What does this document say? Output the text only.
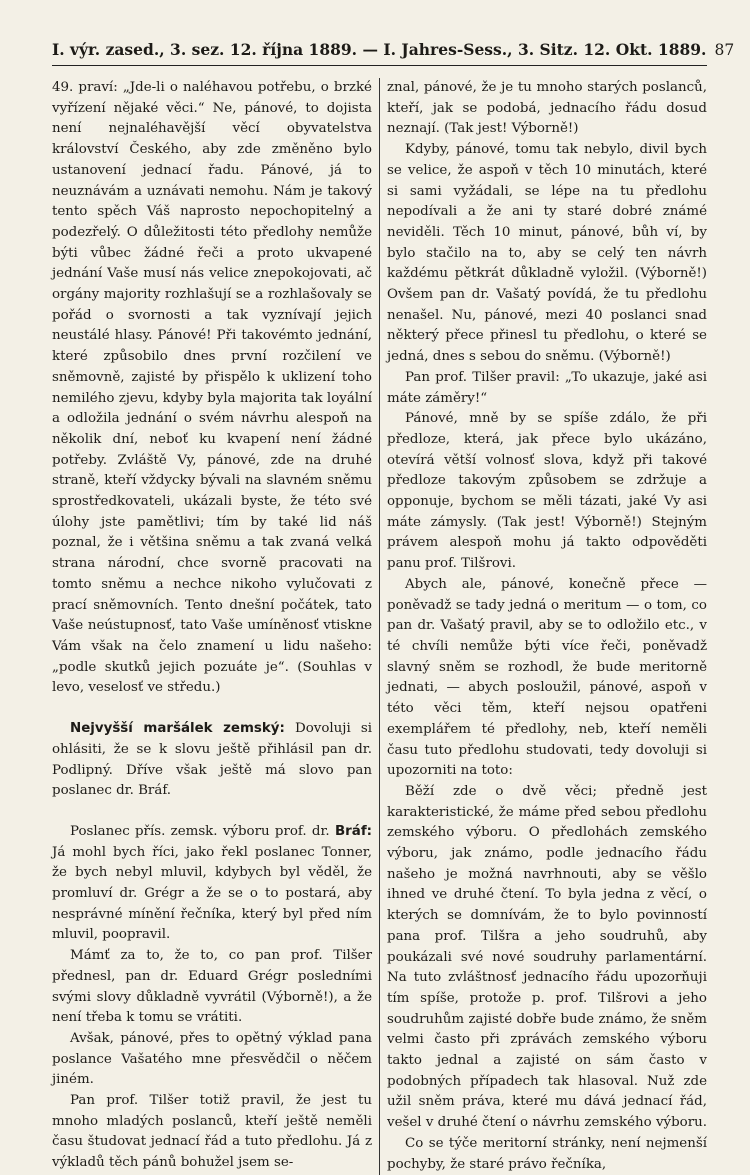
I. výr. zased., 3. sez. 12. října 1889. — I. Jahres-Sess., 3. Sitz. 12. Okt. 1889. 87

49. praví: „Jde-li o naléhavou potřebu, o brzké vyřízení nějaké věci.“ Ne, pánové, to dojista není nejnaléhavější věcí obyvatelstva království Českého, aby zde změněno bylo ustanovení jednací řadu. Pánové, já to neuznávám a uznávati nemohu. Nám je takový tento spěch Váš naprosto nepochopitelný a podezřelý. O důležitosti této předlohy nemůže býti vůbec žádné řeči a proto ukvapené jednání Vaše musí nás velice znepokojovati, ač orgány majority rozhlašují se a rozhlašovaly se pořád o svornosti a tak vyznívají jejich neustálé hlasy. Pánové! Při takovémto jednání, které způsobilo dnes první rozčilení ve sněmovně, zajisté by přispělo k uklizení toho nemilého zjevu, kdyby byla majorita tak loyální a odložila jednání o svém návrhu alespoň na několik dní, neboť ku kvapení není žádné potřeby. Zvláště Vy, pánové, zde na druhé straně, kteří vždycky bývali na slavném sněmu sprostředkovateli, ukázali byste, že této své úlohy jste pamětlivi; tím by také lid náš poznal, že i většina sněmu a tak zvaná velká strana národní, chce svorně pracovati na tomto sněmu a nechce nikoho vylučovati z prací sněmovních. Tento dnešní počátek, tato Vaše neústupnosť, tato Vaše umíněnosť vtiskne Vám však na čelo znamení u lidu našeho: „podle skutků jejich pozuáte je“. (Souhlas v levo, veselosť ve středu.)

Nejvyšší maršálek zemský: Dovoluji si ohlásiti, že se k slovu ještě přihlásil pan dr. Podlipný. Dříve však ještě má slovo pan poslanec dr. Bráf.

Poslanec přís. zemsk. výboru prof. dr. Bráf: Já mohl bych říci, jako řekl poslanec Tonner, že bych nebyl mluvil, kdybych byl věděl, že promluví dr. Grégr a že se o to postará, aby nesprávné mínění řečníka, který byl před ním mluvil, poopravil.

Mámť za to, že to, co pan prof. Tilšer přednesl, pan dr. Eduard Grégr posledními svými slovy důkladně vyvrátil (Výborně!), a že není třeba k tomu se vrátiti.

Avšak, pánové, přes to opětný výklad pana poslance Vašatého mne přesvědčil o něčem jiném.

Pan prof. Tilšer totiž pravil, že jest tu mnoho mladých poslanců, kteří ještě neměli času študovat jednací řád a tuto předlohu. Já z výkladů těch pánů bohužel jsem se-

znal, pánové, že je tu mnoho starých poslanců, kteří, jak se podobá, jednacího řádu dosud neznají. (Tak jest! Výborně!)

Kdyby, pánové, tomu tak nebylo, divil bych se velice, že aspoň v těch 10 minutách, které si sami vyžádali, se lépe na tu předlohu nepodívali a že ani ty staré dobré známé neviděli. Těch 10 minut, pánové, bůh ví, by bylo stačilo na to, aby se celý ten návrh každému pětkrát důkladně vyložil. (Výborně!) Ovšem pan dr. Vašatý povídá, že tu předlohu nenašel. Nu, pánové, mezi 40 poslanci snad některý přece přinesl tu předlohu, o které se jedná, dnes s sebou do sněmu. (Výborně!)

Pan prof. Tilšer pravil: „To ukazuje, jaké asi máte záměry!“

Pánové, mně by se spíše zdálo, že při předloze, která, jak přece bylo ukázáno, otevírá větší volnosť slova, když při takové předloze takovým způsobem se zdržuje a opponuje, bychom se měli tázati, jaké Vy asi máte zámysly. (Tak jest! Výborně!) Stejným právem alespoň mohu já takto odpověděti panu prof. Tilšrovi.

Abych ale, pánové, konečně přece — poněvadž se tady jedná o meritum — o tom, co pan dr. Vašatý pravil, aby se to odložilo etc., v té chvíli nemůže býti více řeči, poněvadž slavný sněm se rozhodl, že bude meritorně jednati, — abych posloužil, pánové, aspoň v této věci těm, kteří nejsou opatřeni exemplářem té předlohy, neb, kteří neměli času tuto předlohu studovati, tedy dovoluji si upozorniti na toto:

Běží zde o dvě věci; předně jest karakteristické, že máme před sebou předlohu zemského výboru. O předlohách zemského výboru, jak známo, podle jednacího řádu našeho je možná navrhnouti, aby se věšlo ihned ve druhé čtení. To byla jedna z věcí, o kterých se domnívám, že to bylo povinností pana prof. Tilšra a jeho soudruhů, aby poukázali své nové soudruhy parlamentární. Na tuto zvláštnosť jednacího řádu upozorňuji tím spíše, protože p. prof. Tilšrovi a jeho soudruhům zajisté dobře bude známo, že sněm velmi často při zprávách zemského výboru takto jednal a zajisté on sám často v podobných případech tak hlasoval. Nuž zde užil sněm práva, které mu dává jednací řád, vešel v druhé čtení o návrhu zemského výboru.

Co se týče meritorní stránky, není nejmenší pochyby, že staré právo řečníka,
